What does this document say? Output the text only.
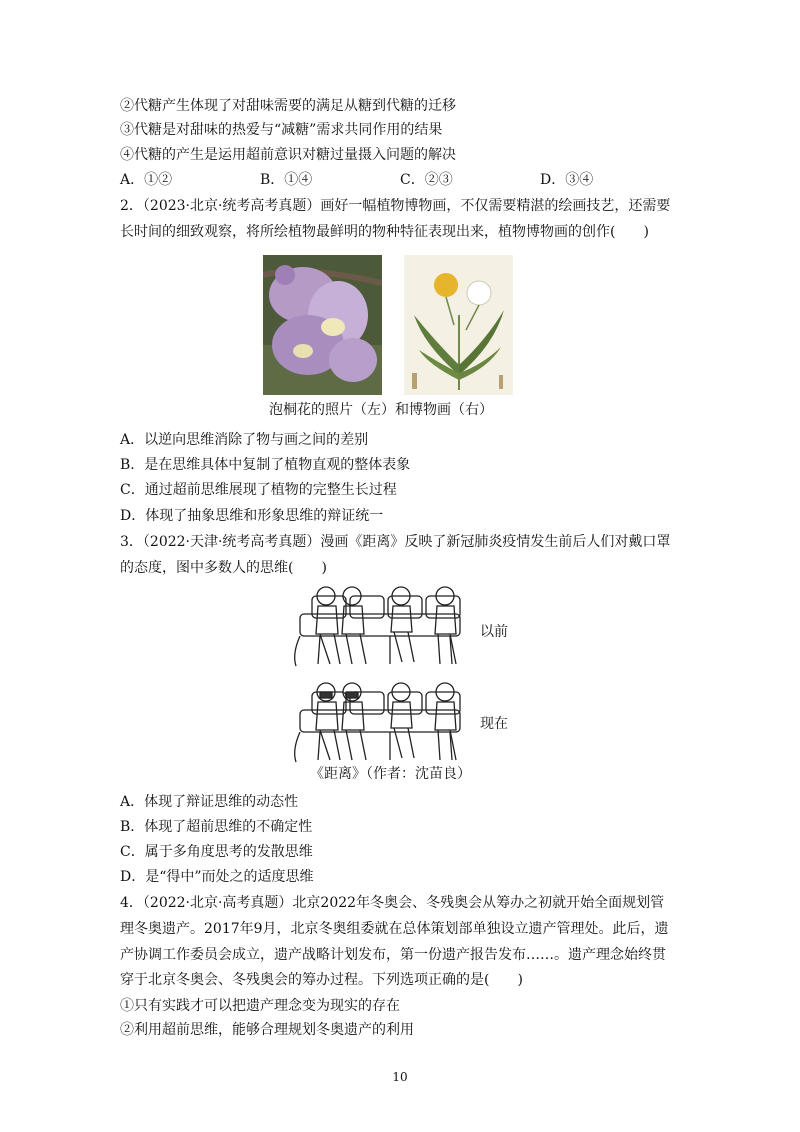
②代糖产生体现了对甜味需要的满足从糖到代糖的迁移
③代糖是对甜味的热爱与“减糖”需求共同作用的结果
④代糖的产生是运用超前意识对糖过量摄入问题的解决
A．①②	B．①④	C．②③	D．③④
2．（2023·北京·统考高考真题）画好一幅植物博物画，不仅需要精湛的绘画技艺，还需要
长时间的细致观察，将所绘植物最鲜明的物种特征表现出来，植物博物画的创作(　　)
泡桐花的照片（左）和博物画（右）
A．以逆向思维消除了物与画之间的差别
B．是在思维具体中复制了植物直观的整体表象
C．通过超前思维展现了植物的完整生长过程
D．体现了抽象思维和形象思维的辩证统一
3．（2022·天津·统考高考真题）漫画《距离》反映了新冠肺炎疫情发生前后人们对戴口罩
的态度，图中多数人的思维(　　)
以前
现在
《距离》（作者：沈苗良）
A．体现了辩证思维的动态性
B．体现了超前思维的不确定性
C．属于多角度思考的发散思维
D．是“得中”而处之的适度思维
4．（2022·北京·高考真题）北京2022年冬奥会、冬残奥会从筹办之初就开始全面规划管
理冬奥遗产。2017年9月，北京冬奥组委就在总体策划部单独设立遗产管理处。此后，遗
产协调工作委员会成立，遗产战略计划发布，第一份遗产报告发布……。遗产理念始终贯
穿于北京冬奥会、冬残奥会的筹办过程。下列选项正确的是(　　)
①只有实践才可以把遗产理念变为现实的存在
②利用超前思维，能够合理规划冬奥遗产的利用
10
